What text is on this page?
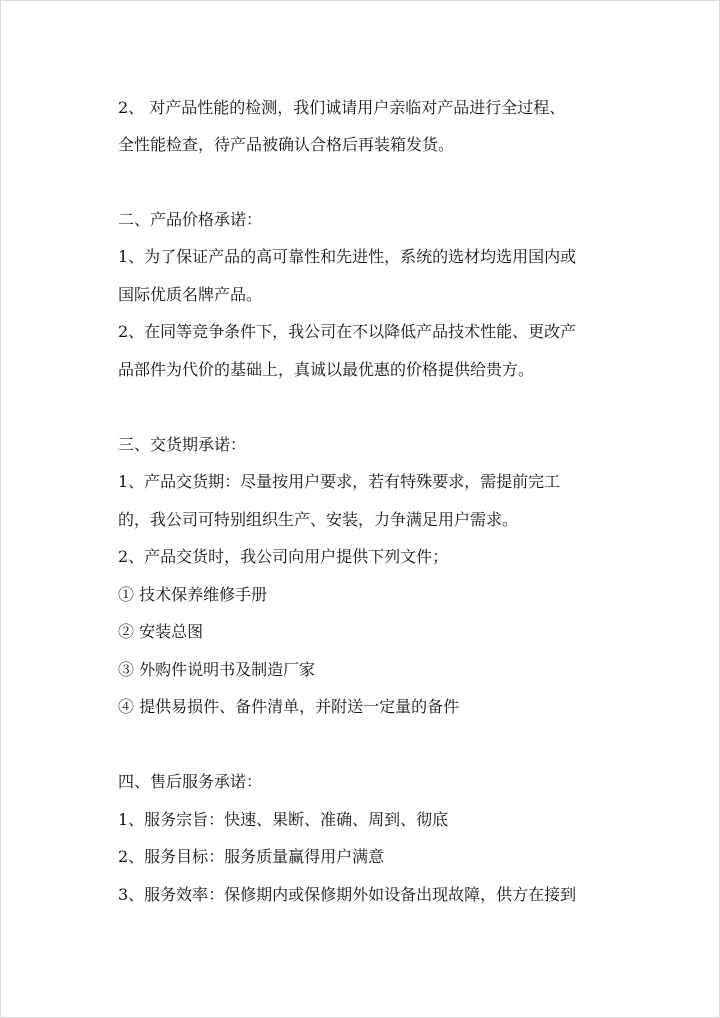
2、 对产品性能的检测，我们诚请用户亲临对产品进行全过程、
全性能检查，待产品被确认合格后再装箱发货。
二、产品价格承诺：
1、为了保证产品的高可靠性和先进性，系统的选材均选用国内或
国际优质名牌产品。
2、在同等竞争条件下，我公司在不以降低产品技术性能、更改产
品部件为代价的基础上，真诚以最优惠的价格提供给贵方。
三、交货期承诺：
1、产品交货期：尽量按用户要求，若有特殊要求，需提前完工
的，我公司可特别组织生产、安装，力争满足用户需求。
2、产品交货时，我公司向用户提供下列文件；
① 技术保养维修手册
② 安装总图
③ 外购件说明书及制造厂家
④ 提供易损件、备件清单，并附送一定量的备件
四、售后服务承诺：
1、服务宗旨：快速、果断、准确、周到、彻底
2、服务目标：服务质量赢得用户满意
3、服务效率：保修期内或保修期外如设备出现故障，供方在接到
